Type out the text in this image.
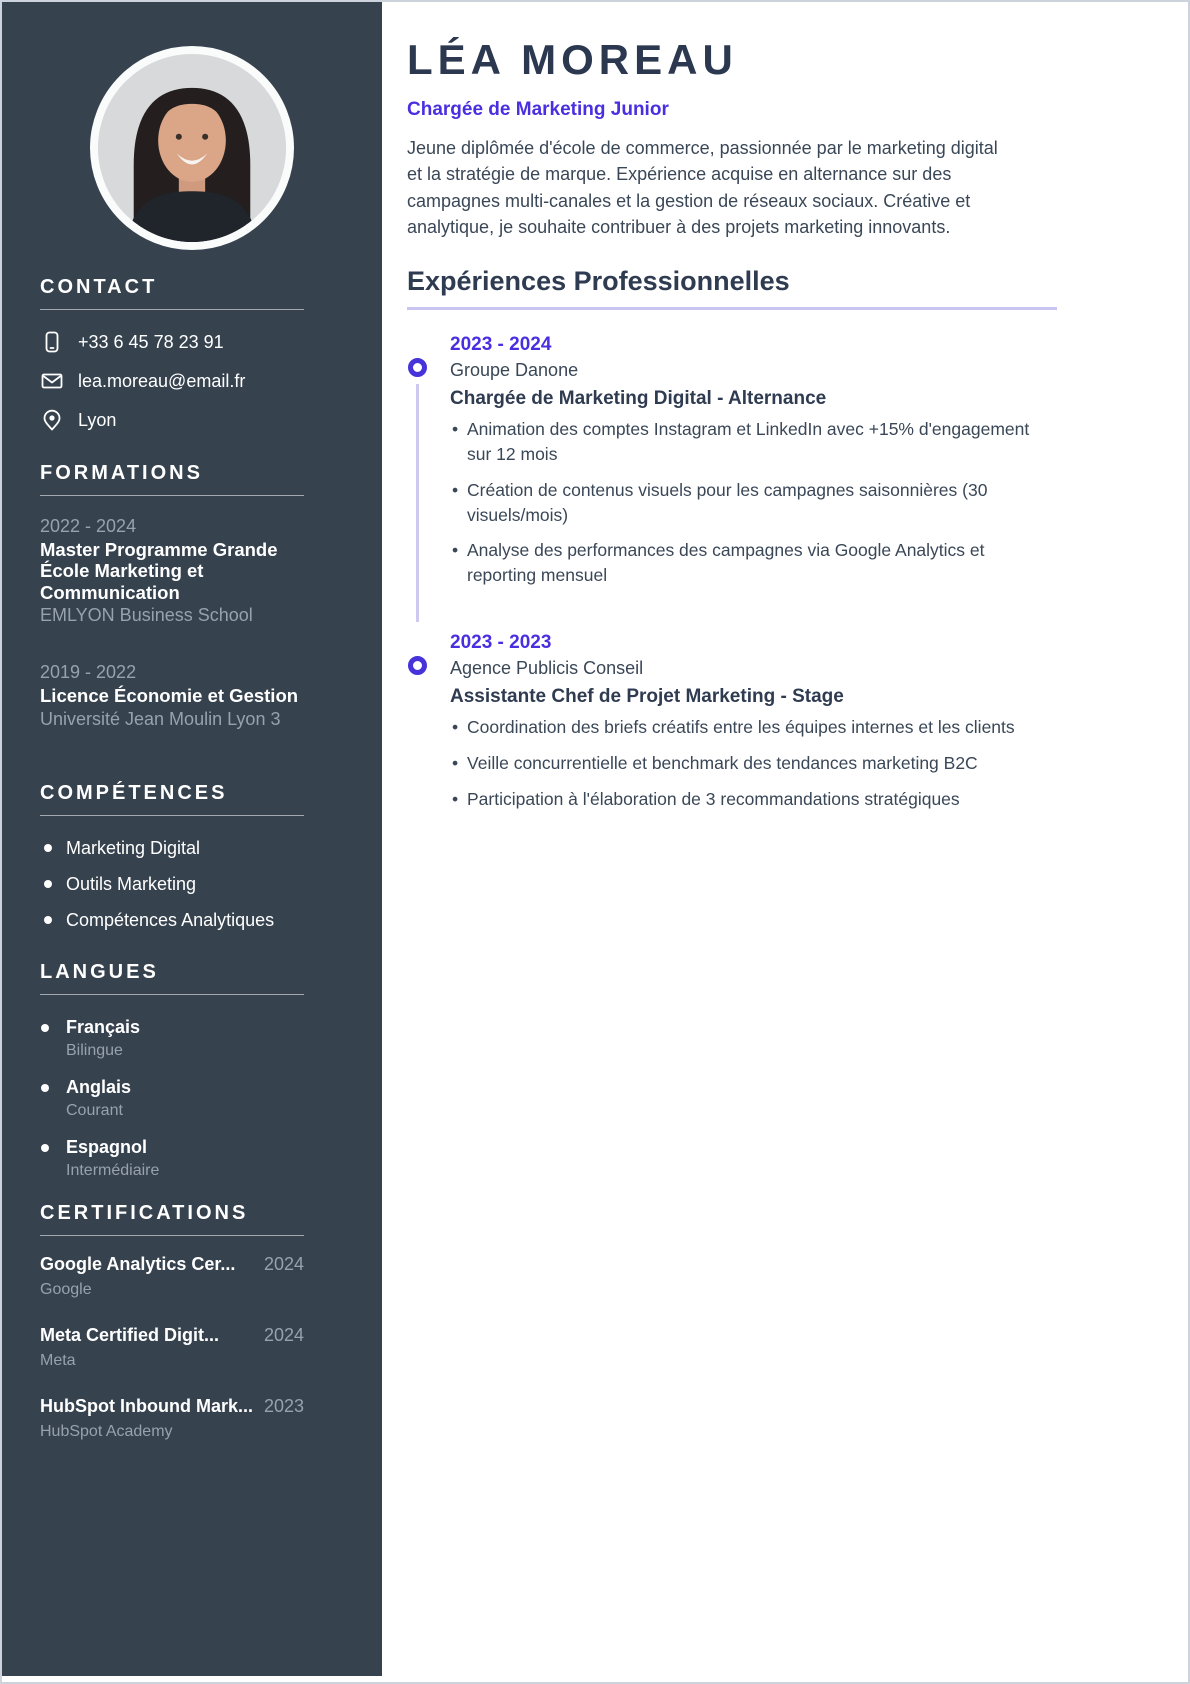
CONTACT
+33 6 45 78 23 91
lea.moreau@email.fr
Lyon
FORMATIONS
2022 - 2024
Master Programme Grande École Marketing et Communication
EMLYON Business School
2019 - 2022
Licence Économie et Gestion
Université Jean Moulin Lyon 3
COMPÉTENCES
Marketing Digital
Outils Marketing
Compétences Analytiques
LANGUES
Français
Bilingue
Anglais
Courant
Espagnol
Intermédiaire
CERTIFICATIONS
Google Analytics Cer... 2024
Google
Meta Certified Digit... 2024
Meta
HubSpot Inbound Mark... 2023
HubSpot Academy
LÉA MOREAU
Chargée de Marketing Junior

Jeune diplômée d'école de commerce, passionnée par le marketing digital et la stratégie de marque. Expérience acquise en alternance sur des campagnes multi-canales et la gestion de réseaux sociaux. Créative et analytique, je souhaite contribuer à des projets marketing innovants.

Expériences Professionnelles
2023 - 2024
Groupe Danone
Chargée de Marketing Digital - Alternance
• Animation des comptes Instagram et LinkedIn avec +15% d'engagement sur 12 mois
• Création de contenus visuels pour les campagnes saisonnières (30 visuels/mois)
• Analyse des performances des campagnes via Google Analytics et reporting mensuel
2023 - 2023
Agence Publicis Conseil
Assistante Chef de Projet Marketing - Stage
• Coordination des briefs créatifs entre les équipes internes et les clients
• Veille concurrentielle et benchmark des tendances marketing B2C
• Participation à l'élaboration de 3 recommandations stratégiques
